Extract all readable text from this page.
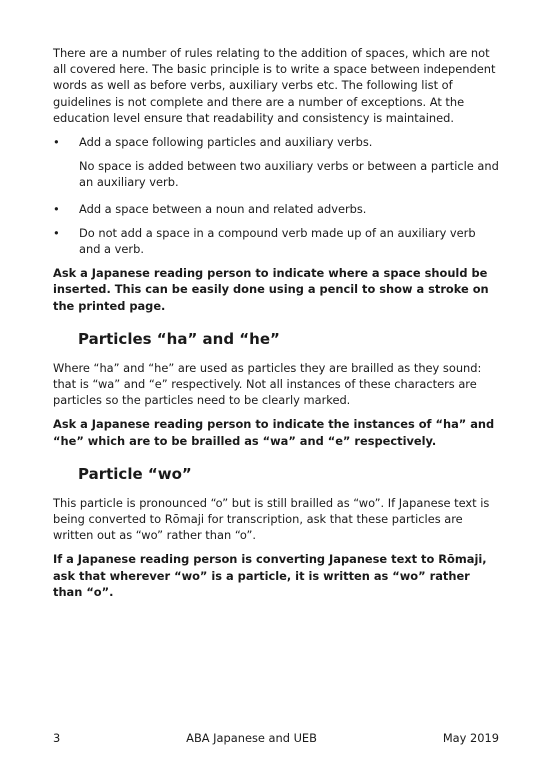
There are a number of rules relating to the addition of spaces, which are not all covered here. The basic principle is to write a space between independent words as well as before verbs, auxiliary verbs etc. The following list of guidelines is not complete and there are a number of exceptions. At the education level ensure that readability and consistency is maintained.

•	Add a space following particles and auxiliary verbs.

No space is added between two auxiliary verbs or between a particle and an auxiliary verb.

•	Add a space between a noun and related adverbs.

•	Do not add a space in a compound verb made up of an auxiliary verb and a verb.

Ask a Japanese reading person to indicate where a space should be inserted. This can be easily done using a pencil to show a stroke on the printed page.

Particles “ha” and “he”

Where “ha” and “he” are used as particles they are brailled as they sound: that is “wa” and “e” respectively. Not all instances of these characters are particles so the particles need to be clearly marked.

Ask a Japanese reading person to indicate the instances of “ha” and “he” which are to be brailled as “wa” and “e” respectively.

Particle “wo”

This particle is pronounced “o” but is still brailled as “wo”. If Japanese text is being converted to Rōmaji for transcription, ask that these particles are written out as “wo” rather than “o”.

If a Japanese reading person is converting Japanese text to Rōmaji, ask that wherever “wo” is a particle, it is written as “wo” rather than “o”.

3	ABA Japanese and UEB	May 2019
